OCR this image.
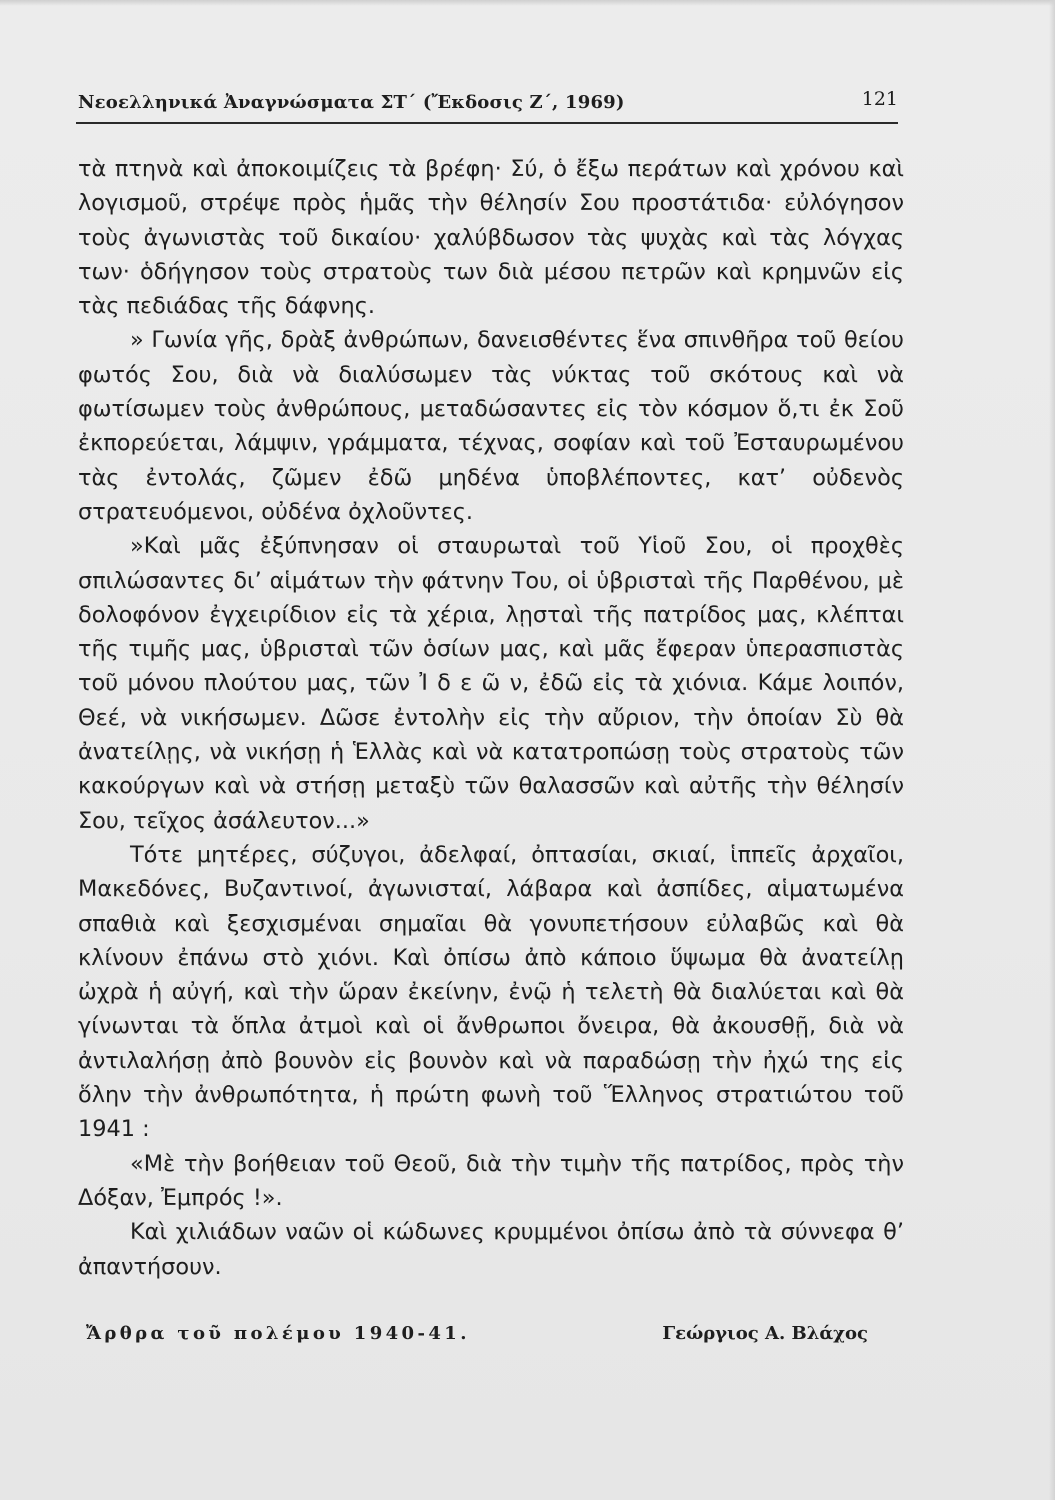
Νεοελληνικά Ἀναγνώσματα ΣΤ΄ (Ἔκδοσις Ζ΄, 1969)	121

τὰ πτηνὰ καὶ ἀποκοιμίζεις τὰ βρέφη· Σύ, ὁ ἔξω περάτων καὶ χρόνου καὶ λογισμοῦ, στρέψε πρὸς ἡμᾶς τὴν θέλησίν Σου προστάτιδα· εὐλόγησον τοὺς ἀγωνιστὰς τοῦ δικαίου· χαλύβδωσον τὰς ψυχὰς καὶ τὰς λόγχας των· ὁδήγησον τοὺς στρατοὺς των διὰ μέσου πετρῶν καὶ κρημνῶν εἰς τὰς πεδιάδας τῆς δάφνης.

» Γωνία γῆς, δρὰξ ἀνθρώπων, δανεισθέντες ἕνα σπινθῆρα τοῦ θείου φωτός Σου, διὰ νὰ διαλύσωμεν τὰς νύκτας τοῦ σκότους καὶ νὰ φωτίσωμεν τοὺς ἀνθρώπους, μεταδώσαντες εἰς τὸν κόσμον ὅ,τι ἐκ Σοῦ ἐκπορεύεται, λάμψιν, γράμματα, τέχνας, σοφίαν καὶ τοῦ Ἐσταυρωμένου τὰς ἐντολάς, ζῶμεν ἐδῶ μηδένα ὑποβλέποντες, κατ’ οὐδενὸς στρατευόμενοι, οὐδένα ὀχλοῦντες.

»Καὶ μᾶς ἐξύπνησαν οἱ σταυρωταὶ τοῦ Υἱοῦ Σου, οἱ προχθὲς σπιλώσαντες δι’ αἱμάτων τὴν φάτνην Του, οἱ ὑβρισταὶ τῆς Παρθένου, μὲ δολοφόνον ἐγχειρίδιον εἰς τὰ χέρια, λῃσταὶ τῆς πατρίδος μας, κλέπται τῆς τιμῆς μας, ὑβρισταὶ τῶν ὁσίων μας, καὶ μᾶς ἔφεραν ὑπερασπιστὰς τοῦ μόνου πλούτου μας, τῶν Ἰ δ ε ῶ ν, ἐδῶ εἰς τὰ χιόνια. Κάμε λοιπόν, Θεέ, νὰ νικήσωμεν. Δῶσε ἐντολὴν εἰς τὴν αὔριον, τὴν ὁποίαν Σὺ θὰ ἀνατείλῃς, νὰ νικήσῃ ἡ Ἑλλὰς καὶ νὰ κατατροπώσῃ τοὺς στρατοὺς τῶν κακούργων καὶ νὰ στήσῃ μεταξὺ τῶν θαλασσῶν καὶ αὐτῆς τὴν θέλησίν Σου, τεῖχος ἀσάλευτον...»

Τότε μητέρες, σύζυγοι, ἀδελφαί, ὀπτασίαι, σκιαί, ἱππεῖς ἀρχαῖοι, Μακεδόνες, Βυζαντινοί, ἀγωνισταί, λάβαρα καὶ ἀσπίδες, αἱματωμένα σπαθιὰ καὶ ξεσχισμέναι σημαῖαι θὰ γονυπετήσουν εὐλαβῶς καὶ θὰ κλίνουν ἐπάνω στὸ χιόνι. Καὶ ὀπίσω ἀπὸ κάποιο ὕψωμα θὰ ἀνατείλῃ ὠχρὰ ἡ αὐγή, καὶ τὴν ὥραν ἐκείνην, ἐνῷ ἡ τελετὴ θὰ διαλύεται καὶ θὰ γίνωνται τὰ ὅπλα ἀτμοὶ καὶ οἱ ἄνθρωποι ὄνειρα, θὰ ἀκουσθῇ, διὰ νὰ ἀντιλαλήσῃ ἀπὸ βουνὸν εἰς βουνὸν καὶ νὰ παραδώσῃ τὴν ἠχώ της εἰς ὅλην τὴν ἀνθρωπότητα, ἡ πρώτη φωνὴ τοῦ Ἕλληνος στρατιώτου τοῦ 1941 :

«Μὲ τὴν βοήθειαν τοῦ Θεοῦ, διὰ τὴν τιμὴν τῆς πατρίδος, πρὸς τὴν Δόξαν, Ἐμπρός !».

Καὶ χιλιάδων ναῶν οἱ κώδωνες κρυμμένοι ὀπίσω ἀπὸ τὰ σύννεφα θ’ ἀπαντήσουν.

Ἄρθρα τοῦ πολέμου 1940-41.	Γεώργιος Α. Βλάχος
